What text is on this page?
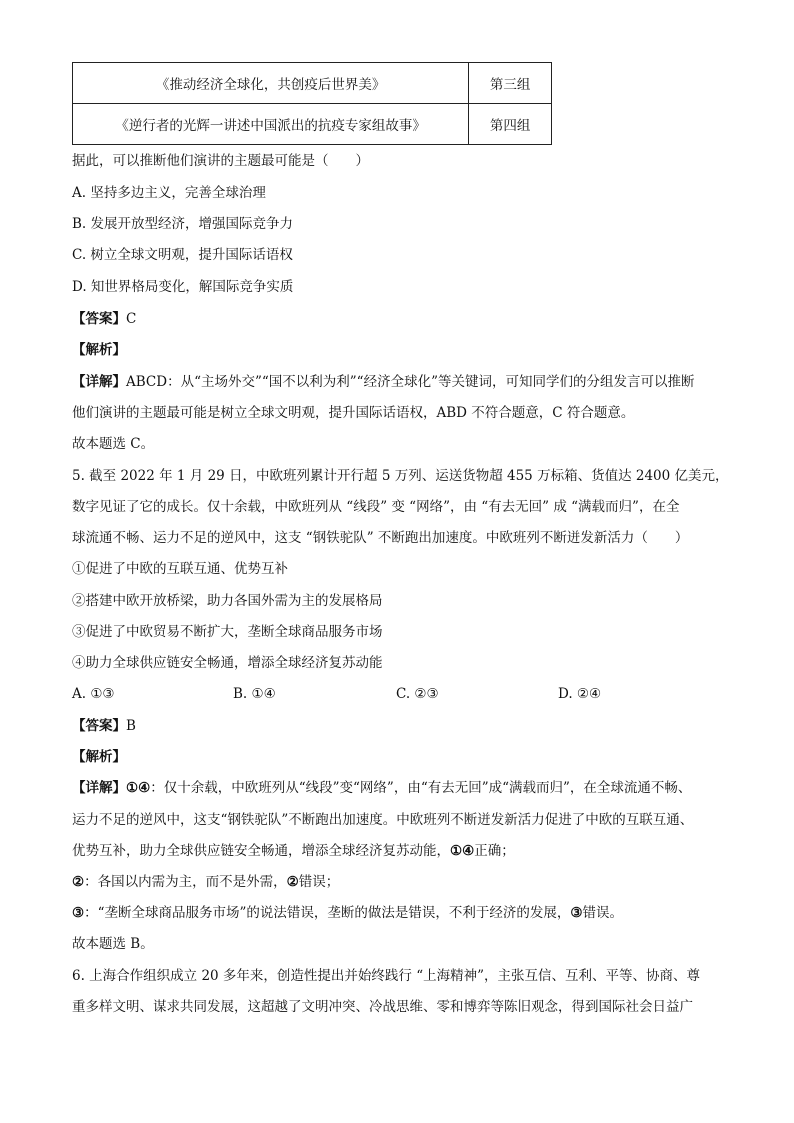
《推动经济全球化，共创疫后世界美》	第三组
《逆行者的光辉一讲述中国派出的抗疫专家组故事》	第四组
据此，可以推断他们演讲的主题最可能是（　　）
A. 坚持多边主义，完善全球治理
B. 发展开放型经济，增强国际竞争力
C. 树立全球文明观，提升国际话语权
D. 知世界格局变化，解国际竞争实质
【答案】C
【解析】
【详解】ABCD：从“主场外交”“国不以利为利”“经济全球化”等关键词，可知同学们的分组发言可以推断
他们演讲的主题最可能是树立全球文明观，提升国际话语权，ABD 不符合题意，C 符合题意。
故本题选 C。
5. 截至 2022 年 1 月 29 日，中欧班列累计开行超 5 万列、运送货物超 455 万标箱、货值达 2400 亿美元，
数字见证了它的成长。仅十余载，中欧班列从 “线段” 变 “网络”，由 “有去无回” 成 “满载而归”，在全
球流通不畅、运力不足的逆风中，这支 “钢铁驼队” 不断跑出加速度。中欧班列不断迸发新活力（　　）
①促进了中欧的互联互通、优势互补
②搭建中欧开放桥梁，助力各国外需为主的发展格局
③促进了中欧贸易不断扩大，垄断全球商品服务市场
④助力全球供应链安全畅通，增添全球经济复苏动能
A. ①③	B. ①④	C. ②③	D. ②④
【答案】B
【解析】
【详解】①④：仅十余载，中欧班列从“线段”变“网络”，由“有去无回”成“满载而归”，在全球流通不畅、
运力不足的逆风中，这支“钢铁驼队”不断跑出加速度。中欧班列不断迸发新活力促进了中欧的互联互通、
优势互补，助力全球供应链安全畅通，增添全球经济复苏动能，①④正确；
②：各国以内需为主，而不是外需，②错误；
③：“垄断全球商品服务市场”的说法错误，垄断的做法是错误，不利于经济的发展，③错误。
故本题选 B。
6. 上海合作组织成立 20 多年来，创造性提出并始终践行 “上海精神”，主张互信、互利、平等、协商、尊
重多样文明、谋求共同发展，这超越了文明冲突、冷战思维、零和博弈等陈旧观念，得到国际社会日益广
